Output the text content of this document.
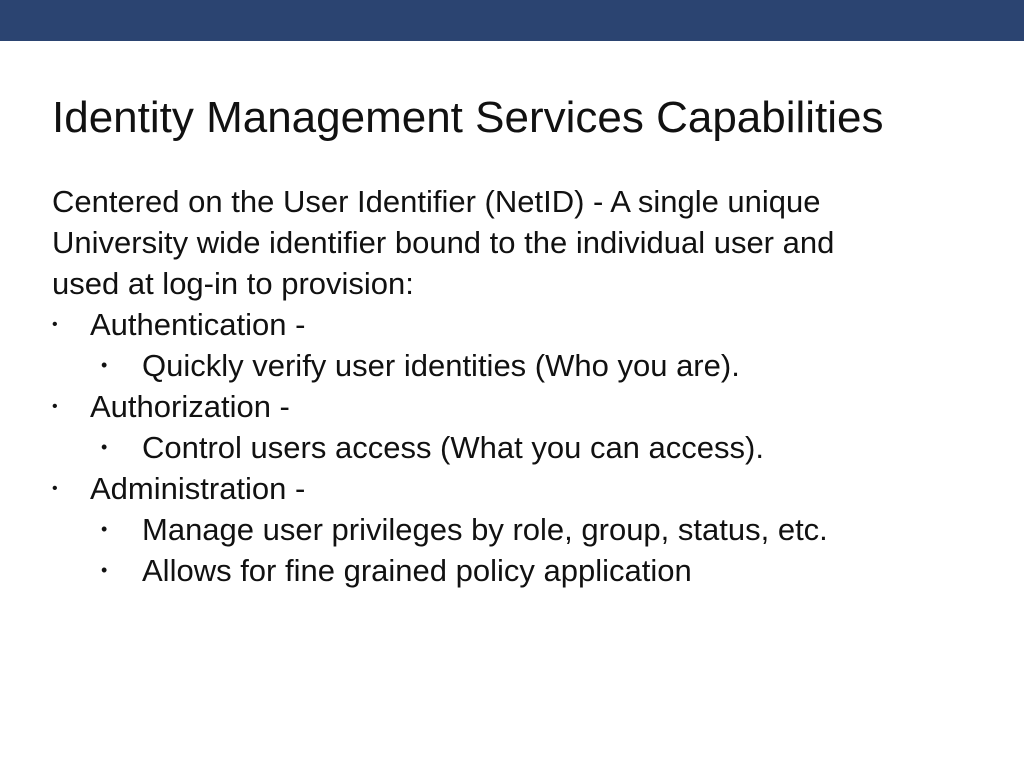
Identity Management Services Capabilities

Centered on the User Identifier (NetID) - A single unique
University wide identifier bound to the individual user and
used at log-in to provision:

• Authentication -
• Quickly verify user identities (Who you are).
• Authorization -
• Control users access (What you can access).
• Administration -
• Manage user privileges by role, group, status, etc.
• Allows for fine grained policy application
